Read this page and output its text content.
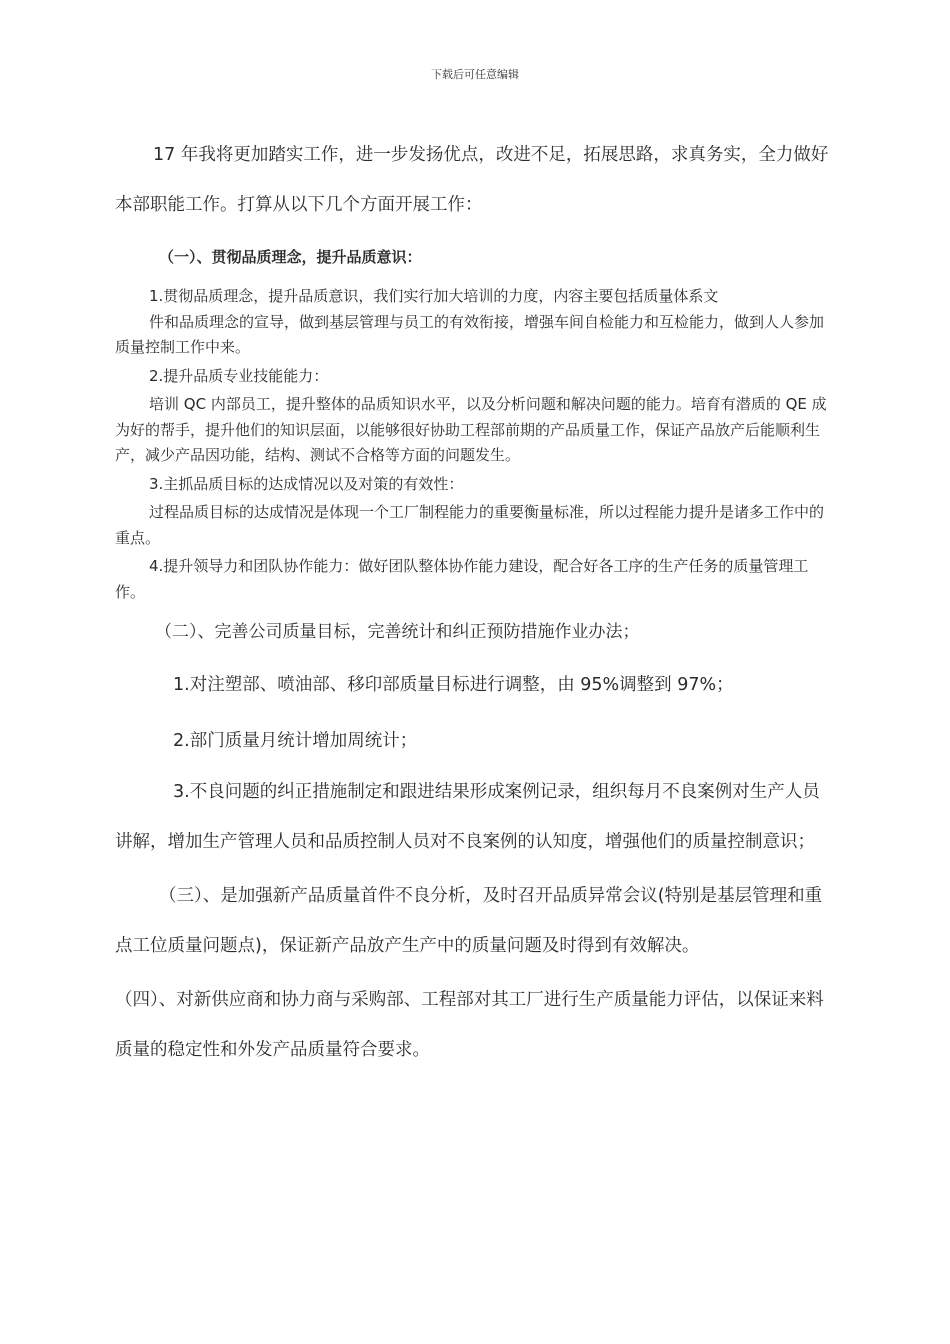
下载后可任意编辑

17 年我将更加踏实工作，进一步发扬优点，改进不足，拓展思路，求真务实，全力做好本部职能工作。打算从以下几个方面开展工作：

（一）、贯彻品质理念，提升品质意识：

1.贯彻品质理念，提升品质意识，我们实行加大培训的力度，内容主要包括质量体系文

件和品质理念的宣导，做到基层管理与员工的有效衔接，增强车间自检能力和互检能力，做到人人参加质量控制工作中来。

2.提升品质专业技能能力：

培训 QC 内部员工，提升整体的品质知识水平，以及分析问题和解决问题的能力。培育有潜质的 QE 成为好的帮手，提升他们的知识层面，以能够很好协助工程部前期的产品质量工作，保证产品放产后能顺利生产，减少产品因功能，结构、测试不合格等方面的问题发生。

3.主抓品质目标的达成情况以及对策的有效性：

过程品质目标的达成情况是体现一个工厂制程能力的重要衡量标准，所以过程能力提升是诸多工作中的重点。

4.提升领导力和团队协作能力：做好团队整体协作能力建设，配合好各工序的生产任务的质量管理工作。

（二）、完善公司质量目标，完善统计和纠正预防措施作业办法；

1.对注塑部、喷油部、移印部质量目标进行调整，由 95%调整到 97%；

2.部门质量月统计增加周统计；

3.不良问题的纠正措施制定和跟进结果形成案例记录，组织每月不良案例对生产人员讲解，增加生产管理人员和品质控制人员对不良案例的认知度，增强他们的质量控制意识；

（三）、是加强新产品质量首件不良分析，及时召开品质异常会议(特别是基层管理和重点工位质量问题点)，保证新产品放产生产中的质量问题及时得到有效解决。

（四）、对新供应商和协力商与采购部、工程部对其工厂进行生产质量能力评估，以保证来料质量的稳定性和外发产品质量符合要求。
